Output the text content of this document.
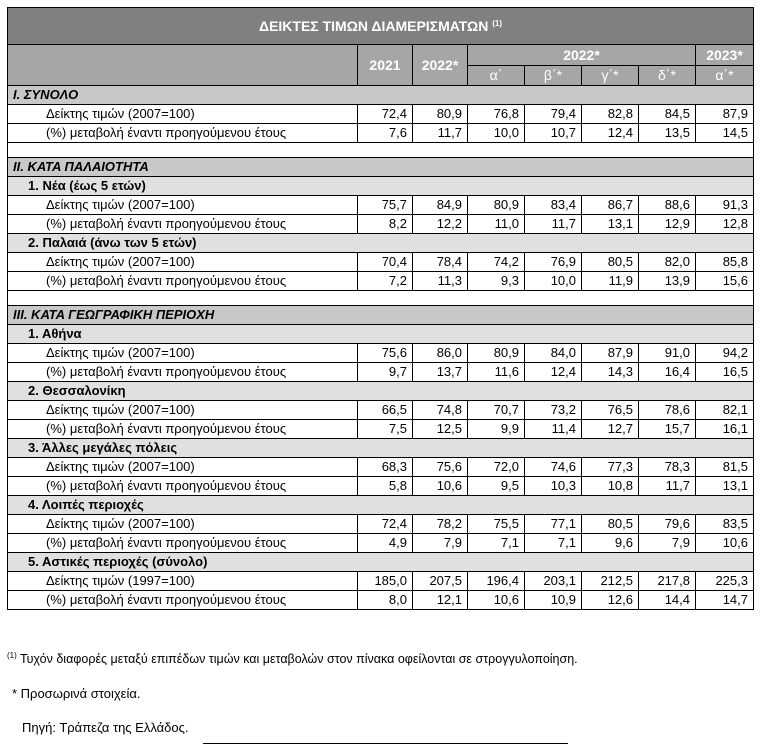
ΔΕΙΚΤΕΣ ΤΙΜΩΝ ΔΙΑΜΕΡΙΣΜΑΤΩΝ $^{(1)}$
	2021	2022*	2022*				2023*
			α΄	β΄*	γ΄*	δ΄*	α΄*
I. ΣΥΝΟΛΟ							
Δείκτης τιμών (2007=100)	72,4	80,9	76,8	79,4	82,8	84,5	87,9
(%) μεταβολή έναντι προηγούμενου έτους	7,6	11,7	10,0	10,7	12,4	13,5	14,5

II. ΚΑΤΑ ΠΑΛΑΙΟΤΗΤΑ							
1. Νέα (έως 5 ετών)							
Δείκτης τιμών (2007=100)	75,7	84,9	80,9	83,4	86,7	88,6	91,3
(%) μεταβολή έναντι προηγούμενου έτους	8,2	12,2	11,0	11,7	13,1	12,9	12,8
2. Παλαιά (άνω των 5 ετών)							
Δείκτης τιμών (2007=100)	70,4	78,4	74,2	76,9	80,5	82,0	85,8
(%) μεταβολή έναντι προηγούμενου έτους	7,2	11,3	9,3	10,0	11,9	13,9	15,6

III. ΚΑΤΑ ΓΕΩΓΡΑΦΙΚΗ ΠΕΡΙΟΧΗ							
1. Αθήνα							
Δείκτης τιμών (2007=100)	75,6	86,0	80,9	84,0	87,9	91,0	94,2
(%) μεταβολή έναντι προηγούμενου έτους	9,7	13,7	11,6	12,4	14,3	16,4	16,5
2. Θεσσαλονίκη							
Δείκτης τιμών (2007=100)	66,5	74,8	70,7	73,2	76,5	78,6	82,1
(%) μεταβολή έναντι προηγούμενου έτους	7,5	12,5	9,9	11,4	12,7	15,7	16,1
3. Άλλες μεγάλες πόλεις							
Δείκτης τιμών (2007=100)	68,3	75,6	72,0	74,6	77,3	78,3	81,5
(%) μεταβολή έναντι προηγούμενου έτους	5,8	10,6	9,5	10,3	10,8	11,7	13,1
4. Λοιπές περιοχές							
Δείκτης τιμών (2007=100)	72,4	78,2	75,5	77,1	80,5	79,6	83,5
(%) μεταβολή έναντι προηγούμενου έτους	4,9	7,9	7,1	7,1	9,6	7,9	10,6
5. Αστικές περιοχές (σύνολο)							
Δείκτης τιμών (1997=100)	185,0	207,5	196,4	203,1	212,5	217,8	225,3
(%) μεταβολή έναντι προηγούμενου έτους	8,0	12,1	10,6	10,9	12,6	14,4	14,7
$^{(1)}$ Τυχόν διαφορές μεταξύ επιπέδων τιμών και μεταβολών στον πίνακα οφείλονται σε στρογγυλοποίηση.
* Προσωρινά στοιχεία.
Πηγή: Τράπεζα της Ελλάδος.
